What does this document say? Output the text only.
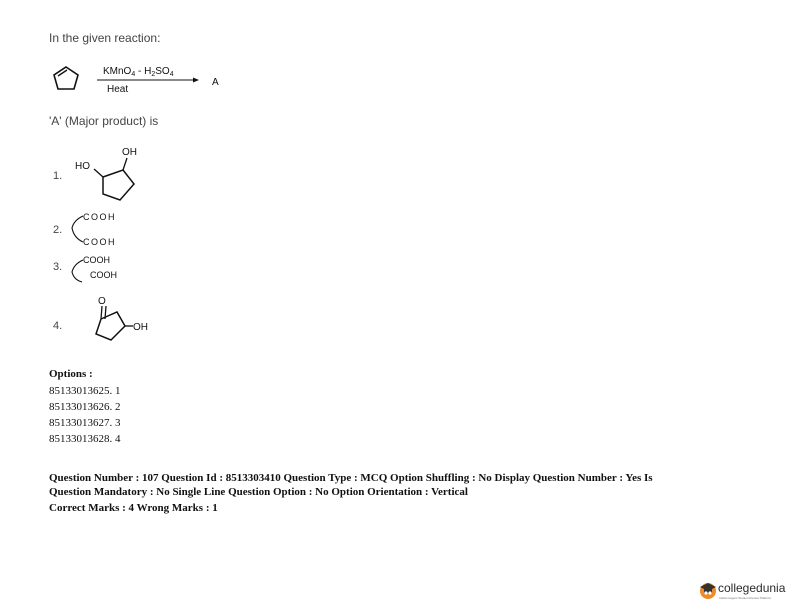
In the given reaction:
KMnO$_4$ - $H_2SO_4$
Heat
A
'A' (Major product) is
1.
2.
3.
4.
HO
OH
COOH
COOH
COOH
COOH
O
OH
Options :
85133013625. 1
85133013626. 2
85133013627. 3
85133013628. 4
Question Number : 107 Question Id : 8513303410 Question Type : MCQ Option Shuffling : No Display Question Number : Yes Is
Question Mandatory : No Single Line Question Option : No Option Orientation : Vertical
Correct Marks : 4 Wrong Marks : 1
collegedunia
India's largest Student Review Platform
